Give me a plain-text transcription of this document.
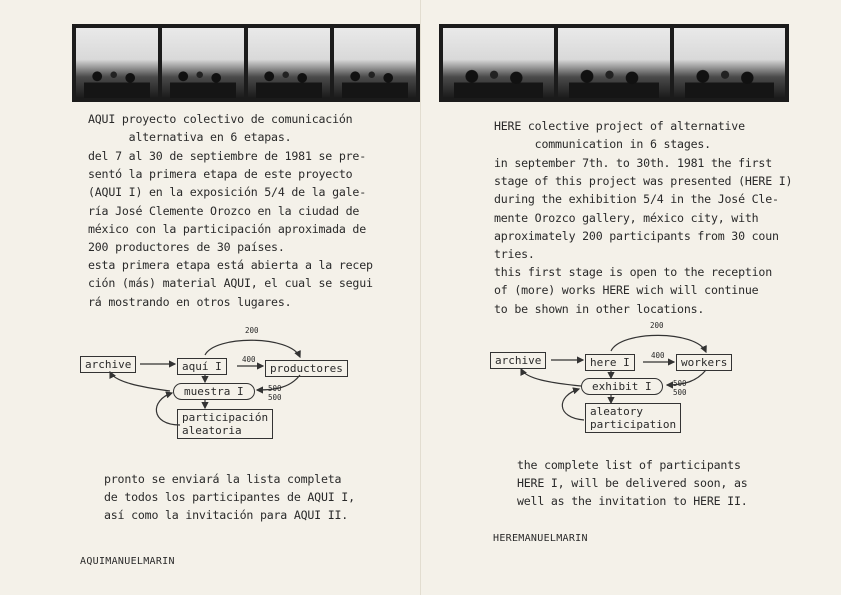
AQUI proyecto colectivo de comunicación
alternativa en 6 etapas.
del 7 al 30 de septiembre de 1981 se pre-
sentó la primera etapa de este proyecto
(AQUI I) en la exposición 5/4 de la gale-
ría José Clemente Orozco en la ciudad de
méxico con la participación aproximada de
200 productores de 30 países.
esta primera etapa está abierta a la recep
ción (más) material AQUI, el cual se segui
rá mostrando en otros lugares.
archive	aquí I	productores
muestra I
participación
aleatoria
200
400
500
500
pronto se enviará la lista completa
de todos los participantes de AQUI I,
así como la invitación para AQUI II.
AQUIMANUELMARIN
HERE colective project of alternative
communication in 6 stages.
in september 7th. to 30th. 1981 the first
stage of this project was presented (HERE I)
during the exhibition 5/4 in the José Cle-
mente Orozco gallery, méxico city, with
aproximately 200 participants from 30 coun
tries.
this first stage is open to the reception
of (more) works HERE wich will continue
to be shown in other locations.
archive	here I	workers
exhibit I
aleatory
participation
200
400
500
500
the complete list of participants
HERE I, will be delivered soon, as
well as the invitation to HERE II.
HEREMANUELMARIN
